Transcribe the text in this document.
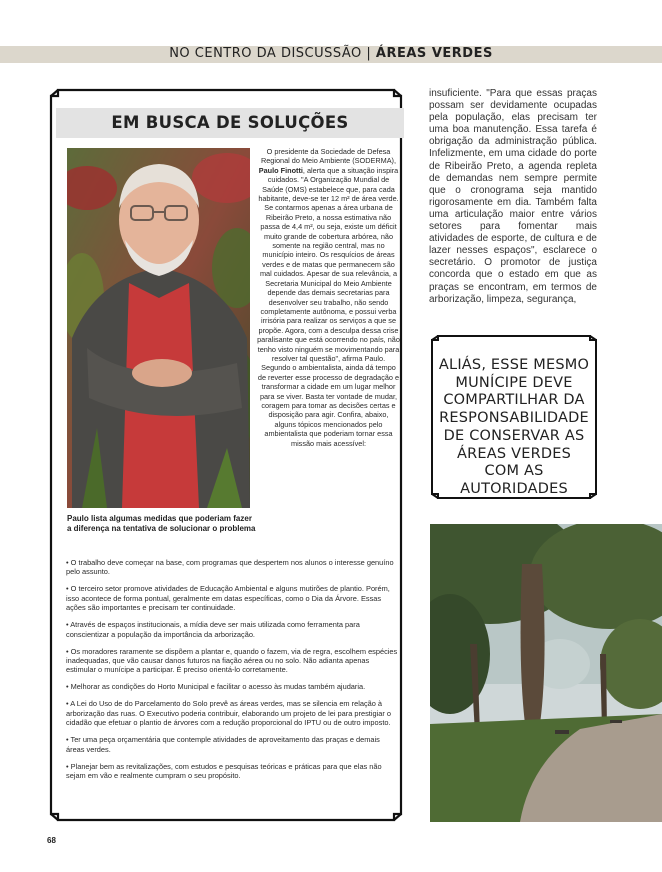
NO CENTRO DA DISCUSSÃO | ÁREAS VERDES
EM BUSCA DE SOLUÇÕES
Paulo lista algumas medidas que poderiam fazer a diferença na tentativa de solucionar o problema
O presidente da Sociedade de Defesa Regional do Meio Ambiente (SODERMA), Paulo Finotti, alerta que a situação inspira cuidados. "A Organização Mundial de Saúde (OMS) estabelece que, para cada habitante, deve-se ter 12 m² de área verde. Se contarmos apenas a área urbana de Ribeirão Preto, a nossa estimativa não passa de 4,4 m², ou seja, existe um déficit muito grande de cobertura arbórea, não somente na região central, mas no município inteiro. Os resquícios de áreas verdes e de matas que permanecem são mal cuidados. Apesar de sua relevância, a Secretaria Municipal do Meio Ambiente depende das demais secretarias para desenvolver seu trabalho, não sendo completamente autônoma, e possui verba irrisória para realizar os serviços a que se propõe. Agora, com a desculpa dessa crise paralisante que está ocorrendo no país, não tenho visto ninguém se movimentando para resolver tal questão", afirma Paulo. Segundo o ambientalista, ainda dá tempo de reverter esse processo de degradação e transformar a cidade em um lugar melhor para se viver. Basta ter vontade de mudar, coragem para tomar as decisões certas e disposição para agir. Confira, abaixo, alguns tópicos mencionados pelo ambientalista que poderiam tornar essa missão mais acessível:

• O trabalho deve começar na base, com programas que despertem nos alunos o interesse genuíno pelo assunto.

• O terceiro setor promove atividades de Educação Ambiental e alguns mutirões de plantio. Porém, isso acontece de forma pontual, geralmente em datas específicas, como o Dia da Árvore. Essas ações são importantes e precisam ter continuidade.

• Através de espaços institucionais, a mídia deve ser mais utilizada como ferramenta para conscientizar a população da importância da arborização.

• Os moradores raramente se dispõem a plantar e, quando o fazem, via de regra, escolhem espécies inadequadas, que vão causar danos futuros na fiação aérea ou no solo. Não adianta apenas estimular o munícipe a participar. É preciso orientá-lo corretamente.

• Melhorar as condições do Horto Municipal e facilitar o acesso às mudas também ajudaria.

• A Lei do Uso de do Parcelamento do Solo prevê as áreas verdes, mas se silencia em relação à arborização das ruas. O Executivo poderia contribuir, elaborando um projeto de lei para prestigiar o cidadão que efetuar o plantio de árvores com a redução proporcional do IPTU ou de outro imposto.

• Ter uma peça orçamentária que contemple atividades de aproveitamento das praças e demais áreas verdes.

• Planejar bem as revitalizações, com estudos e pesquisas teóricas e práticas para que elas não sejam em vão e realmente cumpram o seu propósito.

insuficiente. "Para que essas praças possam ser devidamente ocupadas pela população, elas precisam ter uma boa manutenção. Essa tarefa é obrigação da administração pública. Infelizmente, em uma cidade do porte de Ribeirão Preto, a agenda repleta de demandas nem sempre permite que o cronograma seja mantido rigorosamente em dia. Também falta uma articulação maior entre vários setores para fomentar mais atividades de esporte, de cultura e de lazer nesses espaços", esclarece o secretário. O promotor de justiça concorda que o estado em que as praças se encontram, em termos de arborização, limpeza, segurança,
ALIÁS, ESSE MESMO MUNÍCIPE DEVE COMPARTILHAR DA RESPONSABILIDADE DE CONSERVAR AS ÁREAS VERDES COM AS AUTORIDADES
68
